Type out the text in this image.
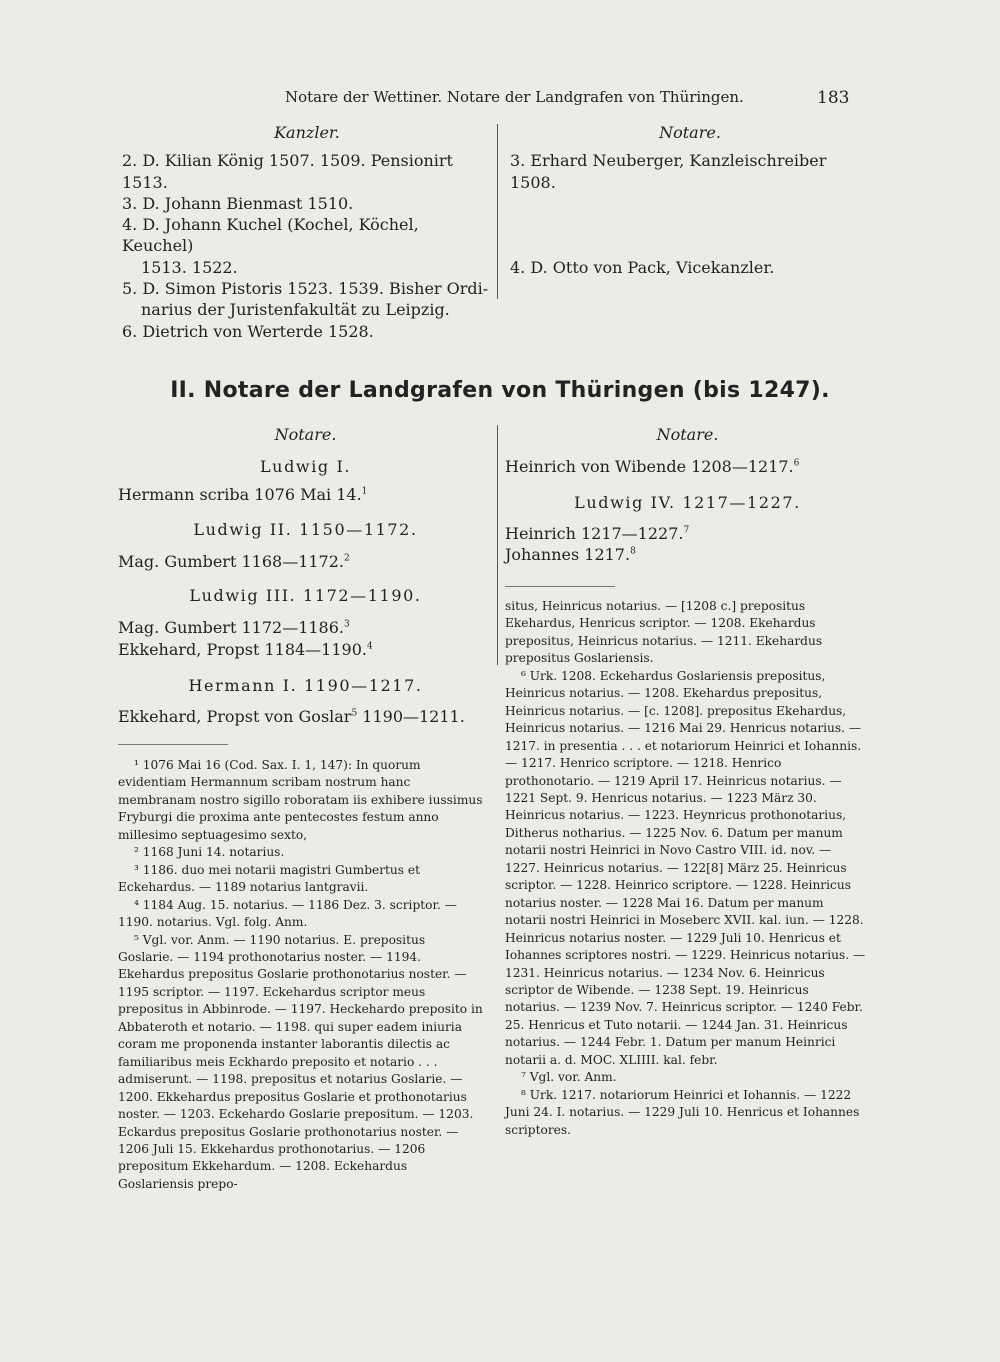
Notare der Wettiner. Notare der Landgrafen von Thüringen.	183
Kanzler.
2. D. Kilian König 1507. 1509. Pensionirt 1513.
3. D. Johann Bienmast 1510.
4. D. Johann Kuchel (Kochel, Köchel, Keuchel)
1513. 1522.
5. D. Simon Pistoris 1523. 1539. Bisher Ordi-
narius der Juristenfakultät zu Leipzig.
6. Dietrich von Werterde 1528.
Notare.
3. Erhard Neuberger, Kanzleischreiber 1508.
4. D. Otto von Pack, Vicekanzler.
II. Notare der Landgrafen von Thüringen (bis 1247).
Notare.
Ludwig I.
Hermann scriba 1076 Mai 14.$^1$
Ludwig II. 1150—1172.
Mag. Gumbert 1168—1172.$^2$
Ludwig III. 1172—1190.
Mag. Gumbert 1172—1186.$^3$
Ekkehard, Propst 1184—1190.$^4$
Hermann I. 1190—1217.
Ekkehard, Propst von Goslar$^5$ 1190—1211.
Notare.
Heinrich von Wibende 1208—1217.$^6$
Ludwig IV. 1217—1227.
Heinrich 1217—1227.$^7$
Johannes 1217.$^8$

¹ 1076 Mai 16 (Cod. Sax. I. 1, 147): In quorum evidentiam Hermannum scribam nostrum hanc membranam nostro sigillo roboratam iis exhibere iussimus Fryburgi die proxima ante pentecostes festum anno millesimo septuagesimo sexto,

² 1168 Juni 14. notarius.

³ 1186. duo mei notarii magistri Gumbertus et Eckehardus. — 1189 notarius lantgravii.

⁴ 1184 Aug. 15. notarius. — 1186 Dez. 3. scriptor. — 1190. notarius. Vgl. folg. Anm.

⁵ Vgl. vor. Anm. — 1190 notarius. E. prepositus Goslarie. — 1194 prothonotarius noster. — 1194. Ekehardus prepositus Goslarie prothonotarius noster. — 1195 scriptor. — 1197. Eckehardus scriptor meus prepositus in Abbinrode. — 1197. Heckehardo preposito in Abbateroth et notario. — 1198. qui super eadem iniuria coram me proponenda instanter laborantis dilectis ac familiaribus meis Eckhardo preposito et notario . . . admiserunt. — 1198. prepositus et notarius Goslarie. — 1200. Ekkehardus prepositus Goslarie et prothonotarius noster. — 1203. Eckehardo Goslarie prepositum. — 1203. Eckardus prepositus Goslarie prothonotarius noster. — 1206 Juli 15. Ekkehardus prothonotarius. — 1206 prepositum Ekkehardum. — 1208. Eckehardus Goslariensis prepo-

situs, Heinricus notarius. — [1208 c.] prepositus Ekehardus, Henricus scriptor. — 1208. Ekehardus prepositus, Heinricus notarius. — 1211. Ekehardus prepositus Goslariensis.

⁶ Urk. 1208. Eckehardus Goslariensis prepositus, Heinricus notarius. — 1208. Ekehardus prepositus, Heinricus notarius. — [c. 1208]. prepositus Ekehardus, Heinricus notarius. — 1216 Mai 29. Henricus notarius. — 1217. in presentia . . . et notariorum Heinrici et Iohannis. — 1217. Henrico scriptore. — 1218. Henrico prothonotario. — 1219 April 17. Heinricus notarius. — 1221 Sept. 9. Henricus notarius. — 1223 März 30. Heinricus notarius. — 1223. Heynricus prothonotarius, Ditherus notharius. — 1225 Nov. 6. Datum per manum notarii nostri Heinrici in Novo Castro VIII. id. nov. — 1227. Heinricus notarius. — 122[8] März 25. Heinricus scriptor. — 1228. Heinrico scriptore. — 1228. Heinricus notarius noster. — 1228 Mai 16. Datum per manum notarii nostri Heinrici in Moseberc XVII. kal. iun. — 1228. Heinricus notarius noster. — 1229 Juli 10. Henricus et Iohannes scriptores nostri. — 1229. Heinricus notarius. — 1231. Heinricus notarius. — 1234 Nov. 6. Heinricus scriptor de Wibende. — 1238 Sept. 19. Heinricus notarius. — 1239 Nov. 7. Heinricus scriptor. — 1240 Febr. 25. Henricus et Tuto notarii. — 1244 Jan. 31. Heinricus notarius. — 1244 Febr. 1. Datum per manum Heinrici notarii a. d. MOC. XLIIII. kal. febr.

⁷ Vgl. vor. Anm.

⁸ Urk. 1217. notariorum Heinrici et Iohannis. — 1222 Juni 24. I. notarius. — 1229 Juli 10. Henricus et Iohannes scriptores.
